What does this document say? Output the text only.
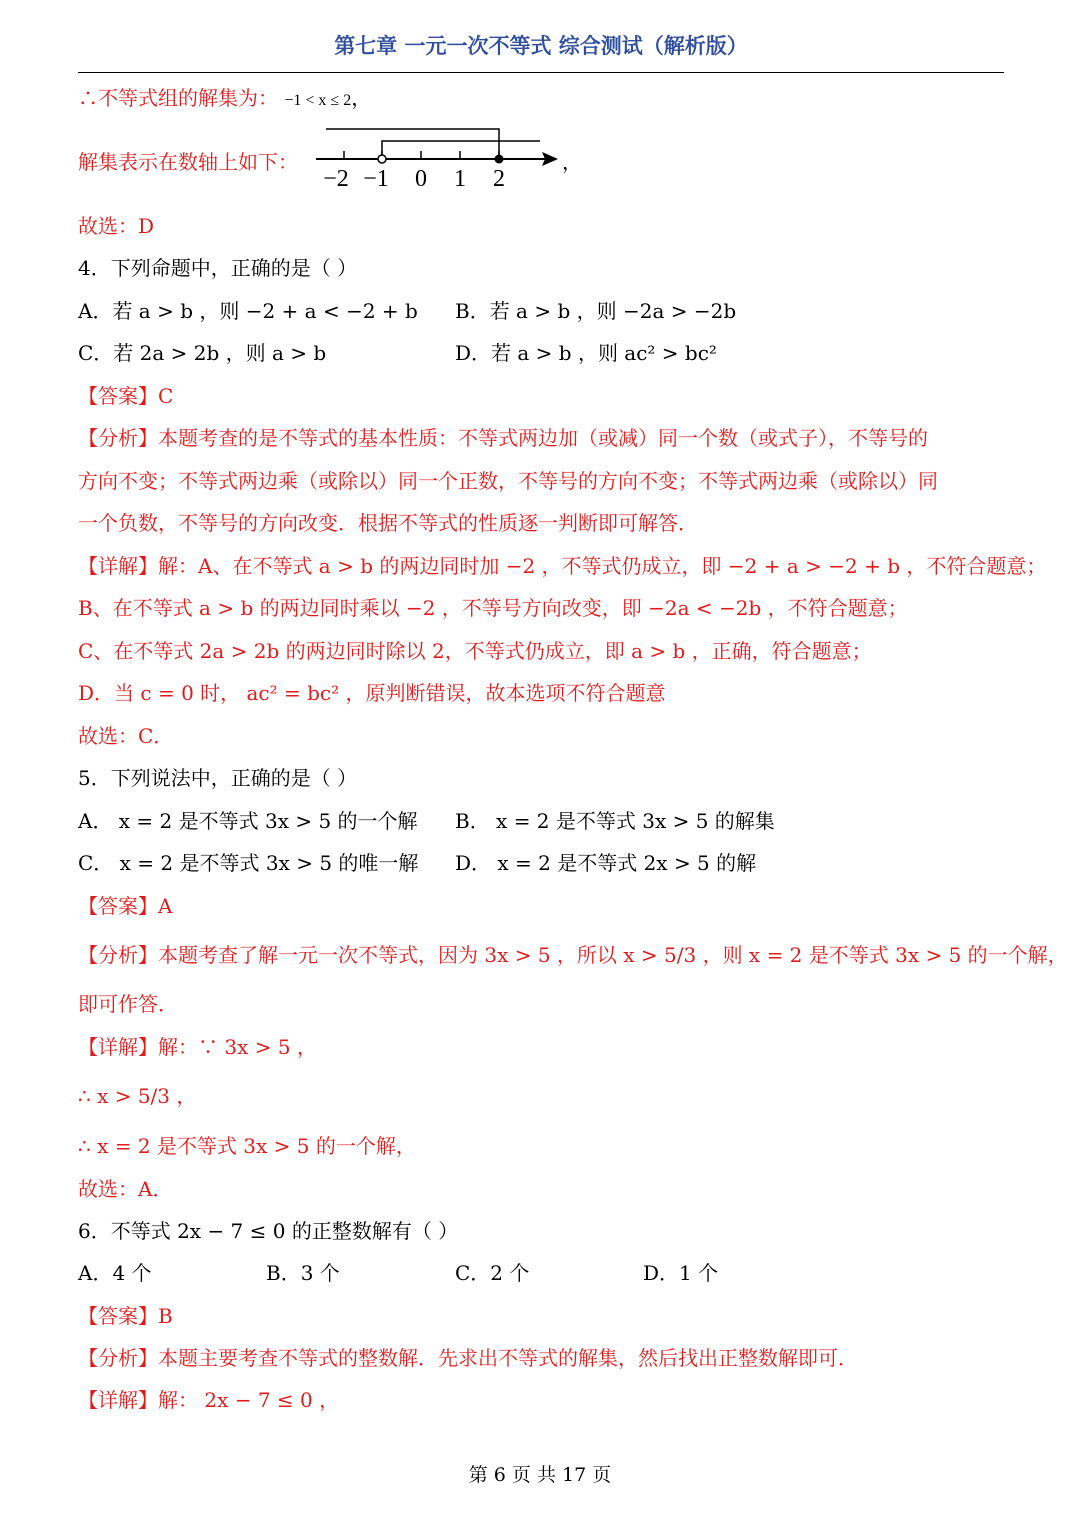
第七章 一元一次不等式 综合测试（解析版）
∴不等式组的解集为： −1 < x ≤ 2，
解集表示在数轴上如下：
−2 −1 0 1 2
，
故选：D
4．下列命题中，正确的是（ ）
A．若 a > b ，则 −2 + a < −2 + b B．若 a > b ，则 −2a > −2b
C．若 2a > 2b ，则 a > b	D．若 a > b ，则 ac² > bc²
【答案】C
【分析】本题考查的是不等式的基本性质：不等式两边加（或减）同一个数（或式子），不等号的
方向不变；不等式两边乘（或除以）同一个正数，不等号的方向不变；不等式两边乘（或除以）同
一个负数，不等号的方向改变．根据不等式的性质逐一判断即可解答．
【详解】解：A、在不等式 a > b 的两边同时加 −2 ，不等式仍成立，即 −2 + a > −2 + b ，不符合题意；
B、在不等式 a > b 的两边同时乘以 −2 ，不等号方向改变，即 −2a < −2b ，不符合题意；
C、在不等式 2a > 2b 的两边同时除以 2，不等式仍成立，即 a > b ，正确，符合题意；
D．当 c = 0 时， ac² = bc² ，原判断错误，故本选项不符合题意
故选：C．
5．下列说法中，正确的是（ ）
A． x = 2 是不等式 3x > 5 的一个解 B． x = 2 是不等式 3x > 5 的解集
C． x = 2 是不等式 3x > 5 的唯一解 D． x = 2 是不等式 2x > 5 的解
【答案】A
【分析】本题考查了解一元一次不等式，因为 3x > 5 ，所以 x > 5/3 ，则 x = 2 是不等式 3x > 5 的一个解，
即可作答．
【详解】解：∵ 3x > 5 ，
∴ x > 5/3 ，
∴ x = 2 是不等式 3x > 5 的一个解，
故选：A．
6．不等式 2x − 7 ≤ 0 的正整数解有（ ）
A．4 个	B．3 个	C．2 个	D．1 个
【答案】B
【分析】本题主要考查不等式的整数解．先求出不等式的解集，然后找出正整数解即可．
【详解】解： 2x − 7 ≤ 0 ，
第 6 页 共 17 页
